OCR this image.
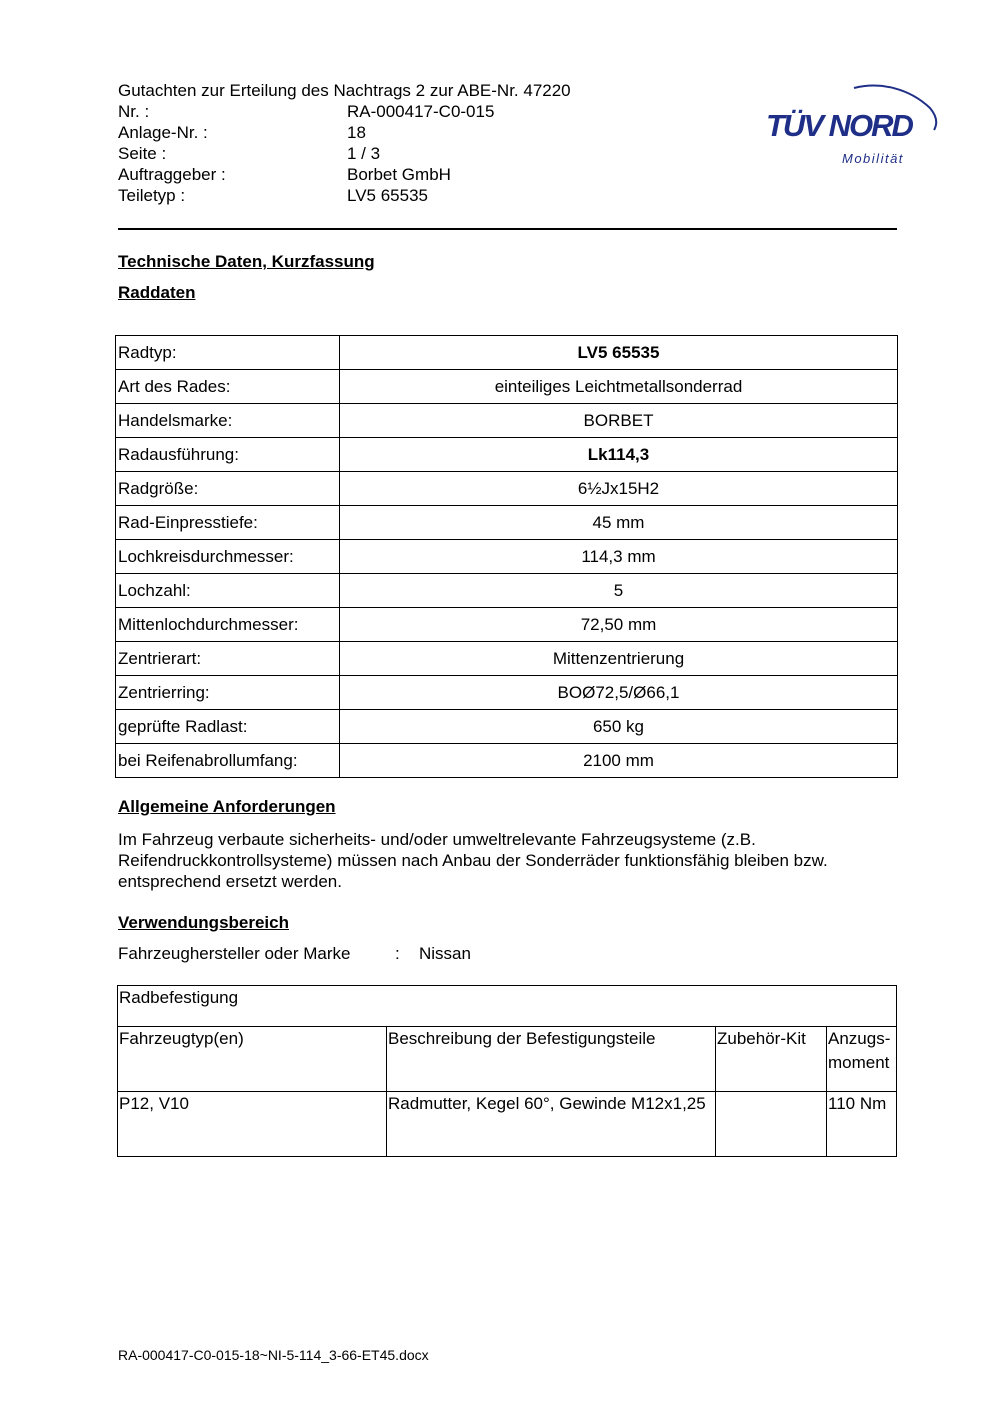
Gutachten zur Erteilung des Nachtrags 2 zur ABE-Nr. 47220
Nr. :	RA-000417-C0-015
Anlage-Nr. :	18
Seite :	1 / 3
Auftraggeber :	Borbet GmbH
Teiletyp :	LV5 65535
TÜV NORD
Mobilität
Technische Daten, Kurzfassung
Raddaten
Radtyp:	LV5 65535
Art des Rades:	einteiliges Leichtmetallsonderrad
Handelsmarke:	BORBET
Radausführung:	Lk114,3
Radgröße:	6½Jx15H2
Rad-Einpresstiefe:	45 mm
Lochkreisdurchmesser:	114,3 mm
Lochzahl:	5
Mittenlochdurchmesser:	72,50 mm
Zentrierart:	Mittenzentrierung
Zentrierring:	BOØ72,5/Ø66,1
geprüfte Radlast:	650 kg
bei Reifenabrollumfang:	2100 mm
Allgemeine Anforderungen
Im Fahrzeug verbaute sicherheits- und/oder umweltrelevante Fahrzeugsysteme (z.B. Reifendruckkontrollsysteme) müssen nach Anbau der Sonderräder funktionsfähig bleiben bzw. entsprechend ersetzt werden.
Verwendungsbereich
Fahrzeughersteller oder Marke	: Nissan
Radbefestigung			
Fahrzeugtyp(en)	Beschreibung der Befestigungsteile	Zubehör-Kit	Anzugs-moment
P12, V10	Radmutter, Kegel 60°, Gewinde M12x1,25		110 Nm
RA-000417-C0-015-18~NI-5-114_3-66-ET45.docx
